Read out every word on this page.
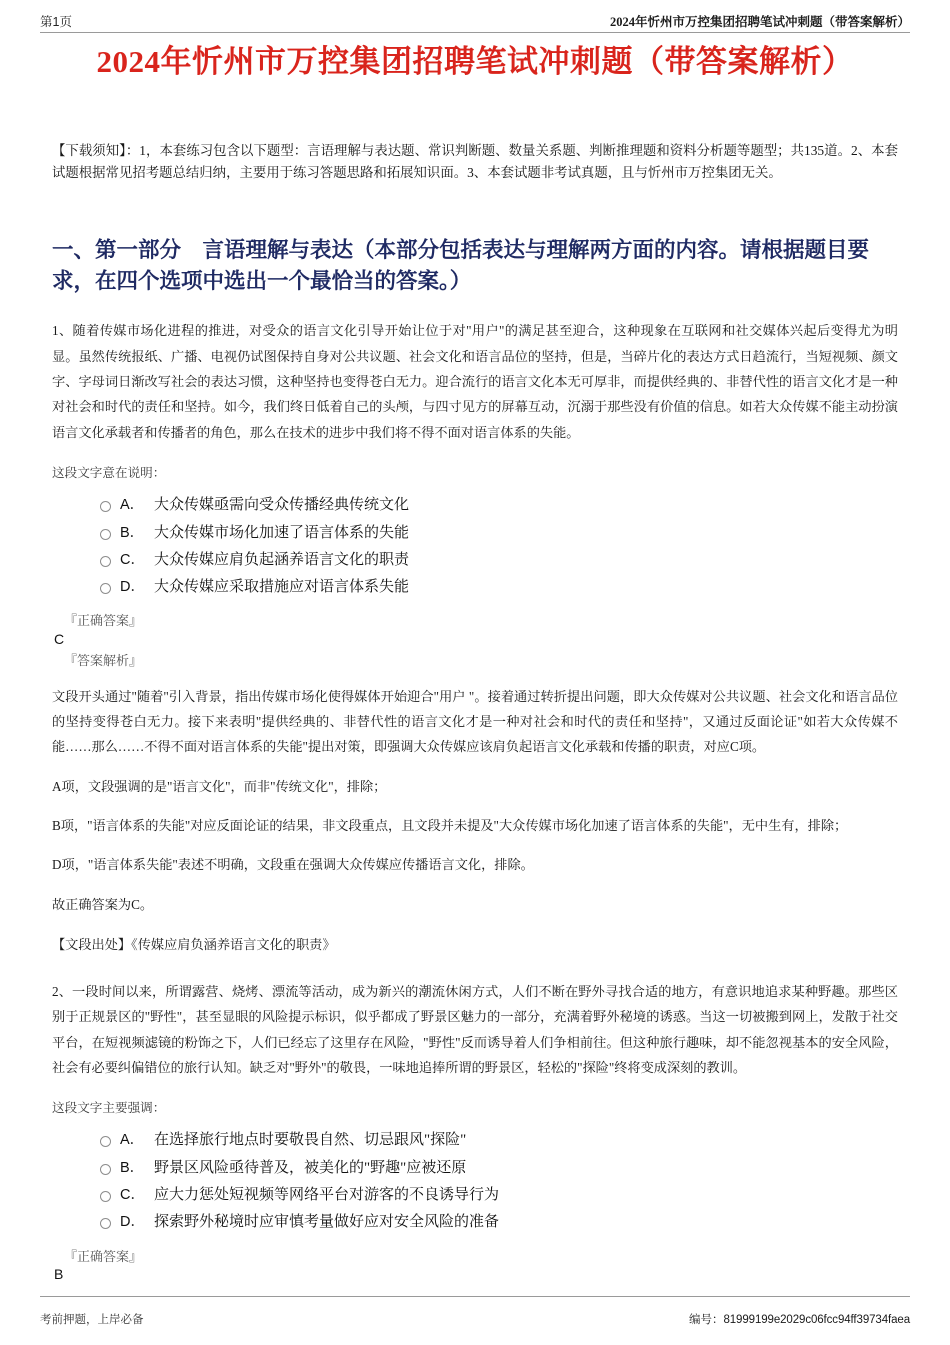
第1页	2024年忻州市万控集团招聘笔试冲刺题（带答案解析）
2024年忻州市万控集团招聘笔试冲刺题（带答案解析）

【下载须知】：1，本套练习包含以下题型：言语理解与表达题、常识判断题、数量关系题、判断推理题和资料分析题等题型；共135道。2、本套试题根据常见招考题总结归纳，主要用于练习答题思路和拓展知识面。3、本套试题非考试真题，且与忻州市万控集团无关。

一、第一部分　言语理解与表达（本部分包括表达与理解两方面的内容。请根据题目要求，在四个选项中选出一个最恰当的答案。）

1、随着传媒市场化进程的推进，对受众的语言文化引导开始让位于对"用户"的满足甚至迎合，这种现象在互联网和社交媒体兴起后变得尤为明显。虽然传统报纸、广播、电视仍试图保持自身对公共议题、社会文化和语言品位的坚持，但是，当碎片化的表达方式日趋流行，当短视频、颜文字、字母词日渐改写社会的表达习惯，这种坚持也变得苍白无力。迎合流行的语言文化本无可厚非，而提供经典的、非替代性的语言文化才是一种对社会和时代的责任和坚持。如今，我们终日低着自己的头颅，与四寸见方的屏幕互动，沉溺于那些没有价值的信息。如若大众传媒不能主动扮演语言文化承载者和传播者的角色，那么在技术的进步中我们将不得不面对语言体系的失能。

这段文字意在说明：

A． 大众传媒亟需向受众传播经典传统文化
B． 大众传媒市场化加速了语言体系的失能
C． 大众传媒应肩负起涵养语言文化的职责
D． 大众传媒应采取措施应对语言体系失能
『正确答案』
C
『答案解析』

文段开头通过"随着"引入背景，指出传媒市场化使得媒体开始迎合"用户 "。接着通过转折提出问题，即大众传媒对公共议题、社会文化和语言品位的坚持变得苍白无力。接下来表明"提供经典的、非替代性的语言文化才是一种对社会和时代的责任和坚持"，又通过反面论证"如若大众传媒不能……那么……不得不面对语言体系的失能"提出对策，即强调大众传媒应该肩负起语言文化承载和传播的职责，对应C项。

A项，文段强调的是"语言文化"，而非"传统文化"，排除；

B项，"语言体系的失能"对应反面论证的结果，非文段重点，且文段并未提及"大众传媒市场化加速了语言体系的失能"，无中生有，排除；

D项，"语言体系失能"表述不明确，文段重在强调大众传媒应传播语言文化，排除。

故正确答案为C。

【文段出处】《传媒应肩负涵养语言文化的职责》

2、一段时间以来，所谓露营、烧烤、漂流等活动，成为新兴的潮流休闲方式，人们不断在野外寻找合适的地方，有意识地追求某种野趣。那些区别于正规景区的"野性"，甚至显眼的风险提示标识，似乎都成了野景区魅力的一部分，充满着野外秘境的诱惑。当这一切被搬到网上，发散于社交平台，在短视频滤镜的粉饰之下，人们已经忘了这里存在风险，"野性"反而诱导着人们争相前往。但这种旅行趣味，却不能忽视基本的安全风险，社会有必要纠偏错位的旅行认知。缺乏对"野外"的敬畏，一味地追捧所谓的野景区，轻松的"探险"终将变成深刻的教训。

这段文字主要强调：

A． 在选择旅行地点时要敬畏自然、切忌跟风"探险"
B． 野景区风险亟待普及，被美化的"野趣"应被还原
C． 应大力惩处短视频等网络平台对游客的不良诱导行为
D． 探索野外秘境时应审慎考量做好应对安全风险的准备
『正确答案』
B
考前押题，上岸必备	编号：81999199e2029c06fcc94ff39734faea
